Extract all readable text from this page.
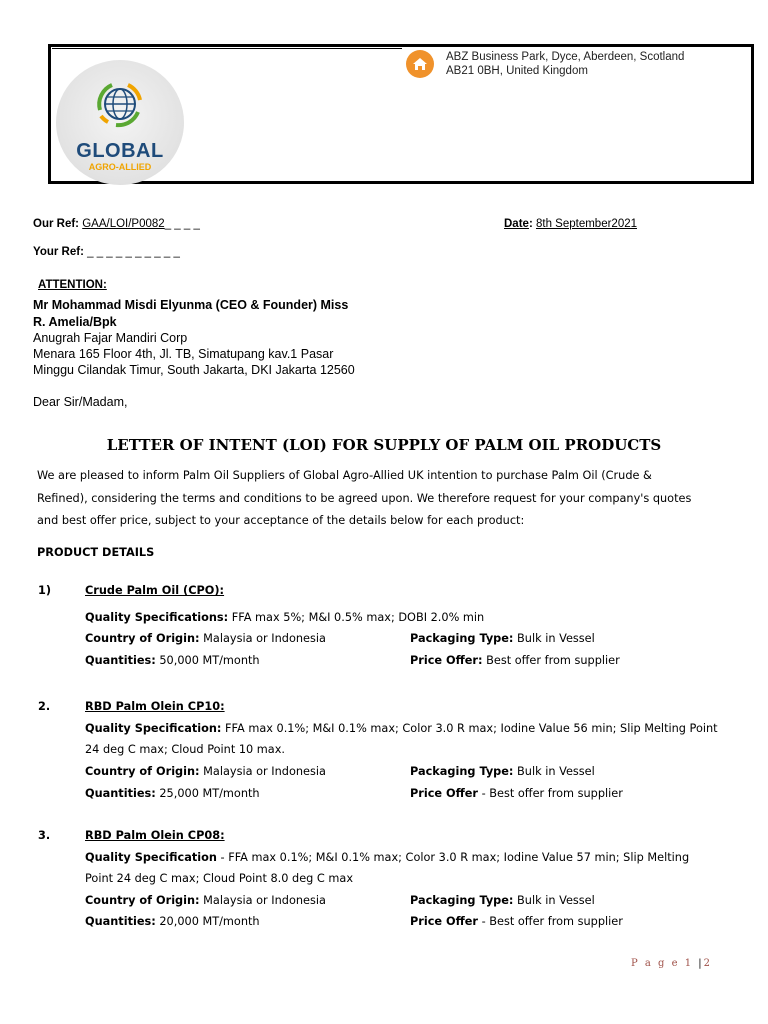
GLOBAL
AGRO-ALLIED
ABZ Business Park, Dyce, Aberdeen, Scotland
AB21 0BH, United Kingdom
Our Ref: GAA/LOI/P0082_ _ _ _	Date: 8th September2021
Your Ref: _ _ _ _ _ _ _ _ _ _
ATTENTION:
Mr Mohammad Misdi Elyunma (CEO & Founder) Miss
R. Amelia/Bpk
Anugrah Fajar Mandiri Corp
Menara 165 Floor 4th, Jl. TB, Simatupang kav.1 Pasar
Minggu Cilandak Timur, South Jakarta, DKI Jakarta 12560
Dear Sir/Madam,
LETTER OF INTENT (LOI) FOR SUPPLY OF PALM OIL PRODUCTS
We are pleased to inform Palm Oil Suppliers of Global Agro-Allied UK intention to purchase Palm Oil (Crude &
Refined), considering the terms and conditions to be agreed upon. We therefore request for your company's quotes
and best offer price, subject to your acceptance of the details below for each product:
PRODUCT DETAILS
1)	Crude Palm Oil (CPO):
Quality Specifications: FFA max 5%; M&I 0.5% max; DOBI 2.0% min
Country of Origin: Malaysia or Indonesia	Packaging Type: Bulk in Vessel
Quantities: 50,000 MT/month	Price Offer: Best offer from supplier
2.	RBD Palm Olein CP10:
Quality Specification: FFA max 0.1%; M&I 0.1% max; Color 3.0 R max; Iodine Value 56 min; Slip Melting Point
24 deg C max; Cloud Point 10 max.
Country of Origin: Malaysia or Indonesia	Packaging Type: Bulk in Vessel
Quantities: 25,000 MT/month	Price Offer - Best offer from supplier
3.	RBD Palm Olein CP08:
Quality Specification - FFA max 0.1%; M&I 0.1% max; Color 3.0 R max; Iodine Value 57 min; Slip Melting
Point 24 deg C max; Cloud Point 8.0 deg C max
Country of Origin: Malaysia or Indonesia	Packaging Type: Bulk in Vessel
Quantities: 20,000 MT/month	Price Offer - Best offer from supplier
P a g e 1 |2
